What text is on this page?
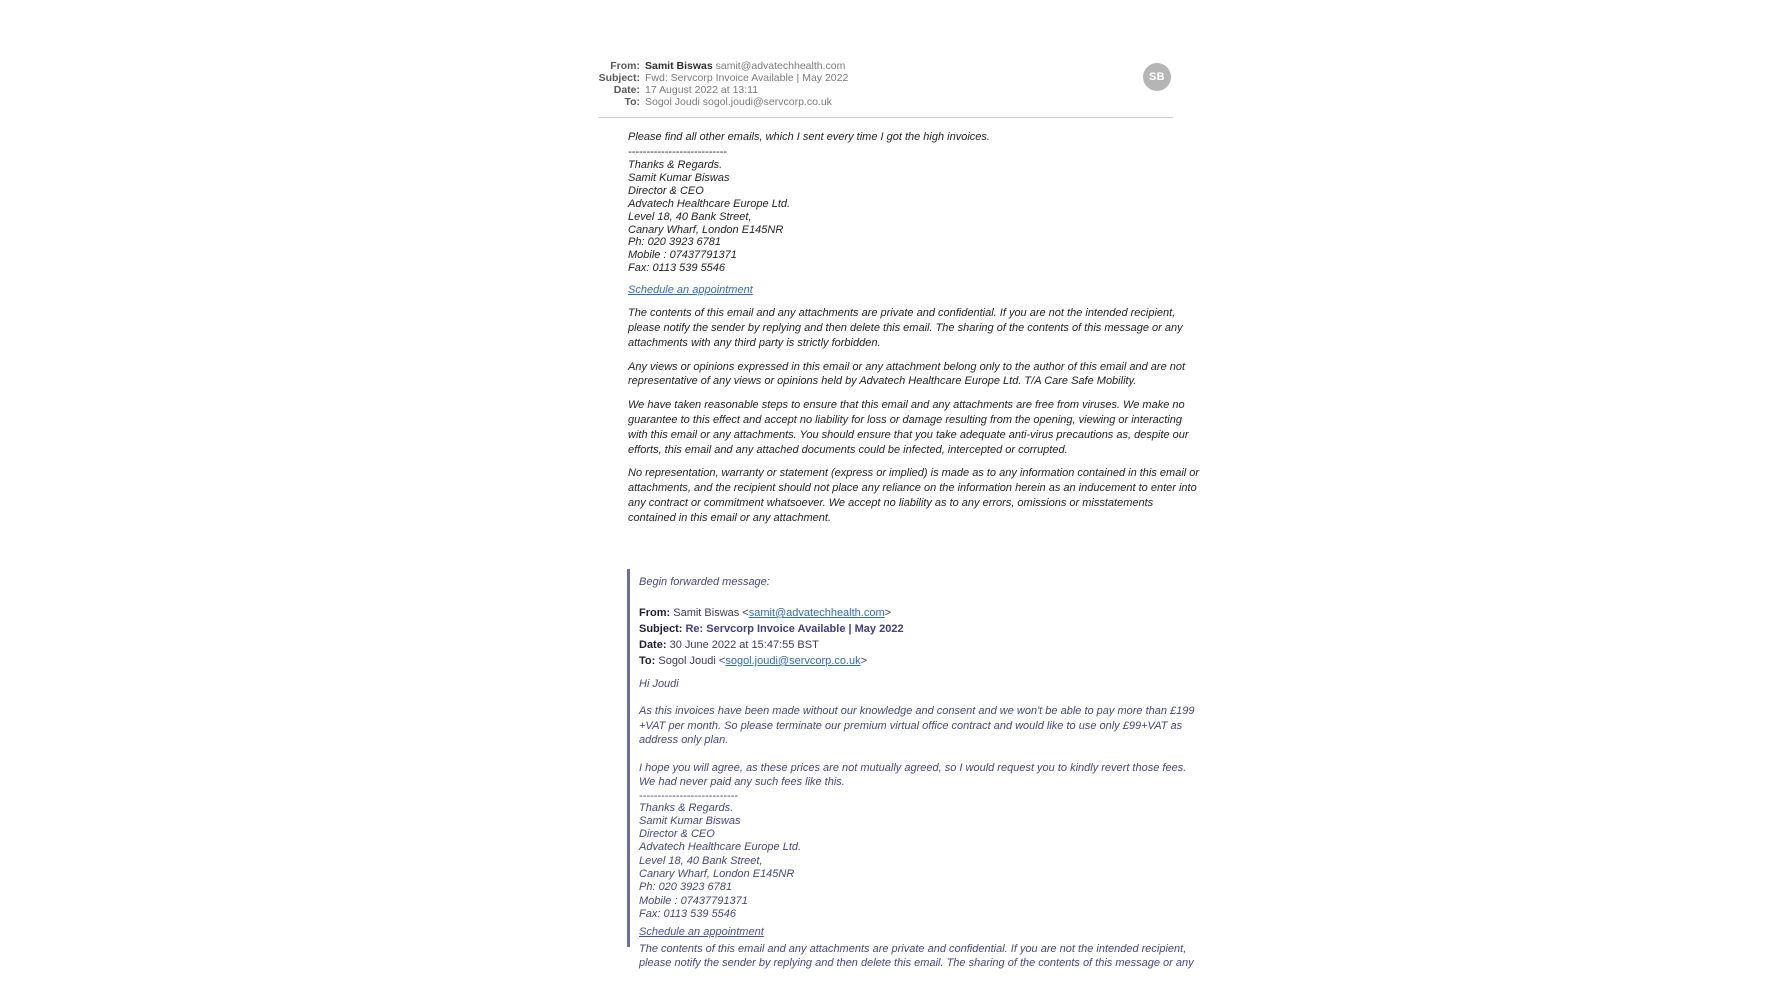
From: Samit Biswas samit@advatechhealth.com
Subject: Fwd: Servcorp Invoice Available | May 2022
Date: 17 August 2022 at 13:11
To: Sogol Joudi sogol.joudi@servcorp.co.uk
SB
Please find all other emails, which I sent every time I got the high invoices.
---------------------------
Thanks & Regards.
Samit Kumar Biswas
Director & CEO
Advatech Healthcare Europe Ltd.
Level 18, 40 Bank Street,
Canary Wharf, London E145NR
Ph: 020 3923 6781
Mobile : 07437791371
Fax: 0113 539 5546
Schedule an appointment
The contents of this email and any attachments are private and confidential. If you are not the intended recipient,
please notify the sender by replying and then delete this email. The sharing of the contents of this message or any
attachments with any third party is strictly forbidden.
Any views or opinions expressed in this email or any attachment belong only to the author of this email and are not
representative of any views or opinions held by Advatech Healthcare Europe Ltd. T/A Care Safe Mobility.
We have taken reasonable steps to ensure that this email and any attachments are free from viruses. We make no
guarantee to this effect and accept no liability for loss or damage resulting from the opening, viewing or interacting
with this email or any attachments. You should ensure that you take adequate anti-virus precautions as, despite our
efforts, this email and any attached documents could be infected, intercepted or corrupted.
No representation, warranty or statement (express or implied) is made as to any information contained in this email or
attachments, and the recipient should not place any reliance on the information herein as an inducement to enter into
any contract or commitment whatsoever. We accept no liability as to any errors, omissions or misstatements
contained in this email or any attachment.
Begin forwarded message:
From: Samit Biswas <samit@advatechhealth.com>
Subject: Re: Servcorp Invoice Available | May 2022
Date: 30 June 2022 at 15:47:55 BST
To: Sogol Joudi <sogol.joudi@servcorp.co.uk>
Hi Joudi
As this invoices have been made without our knowledge and consent and we won't be able to pay more than £199
+VAT per month. So please terminate our premium virtual office contract and would like to use only £99+VAT as
address only plan.
I hope you will agree, as these prices are not mutually agreed, so I would request you to kindly revert those fees.
We had never paid any such fees like this.
---------------------------
Thanks & Regards.
Samit Kumar Biswas
Director & CEO
Advatech Healthcare Europe Ltd.
Level 18, 40 Bank Street,
Canary Wharf, London E145NR
Ph: 020 3923 6781
Mobile : 07437791371
Fax: 0113 539 5546
Schedule an appointment
The contents of this email and any attachments are private and confidential. If you are not the intended recipient,
please notify the sender by replying and then delete this email. The sharing of the contents of this message or any
